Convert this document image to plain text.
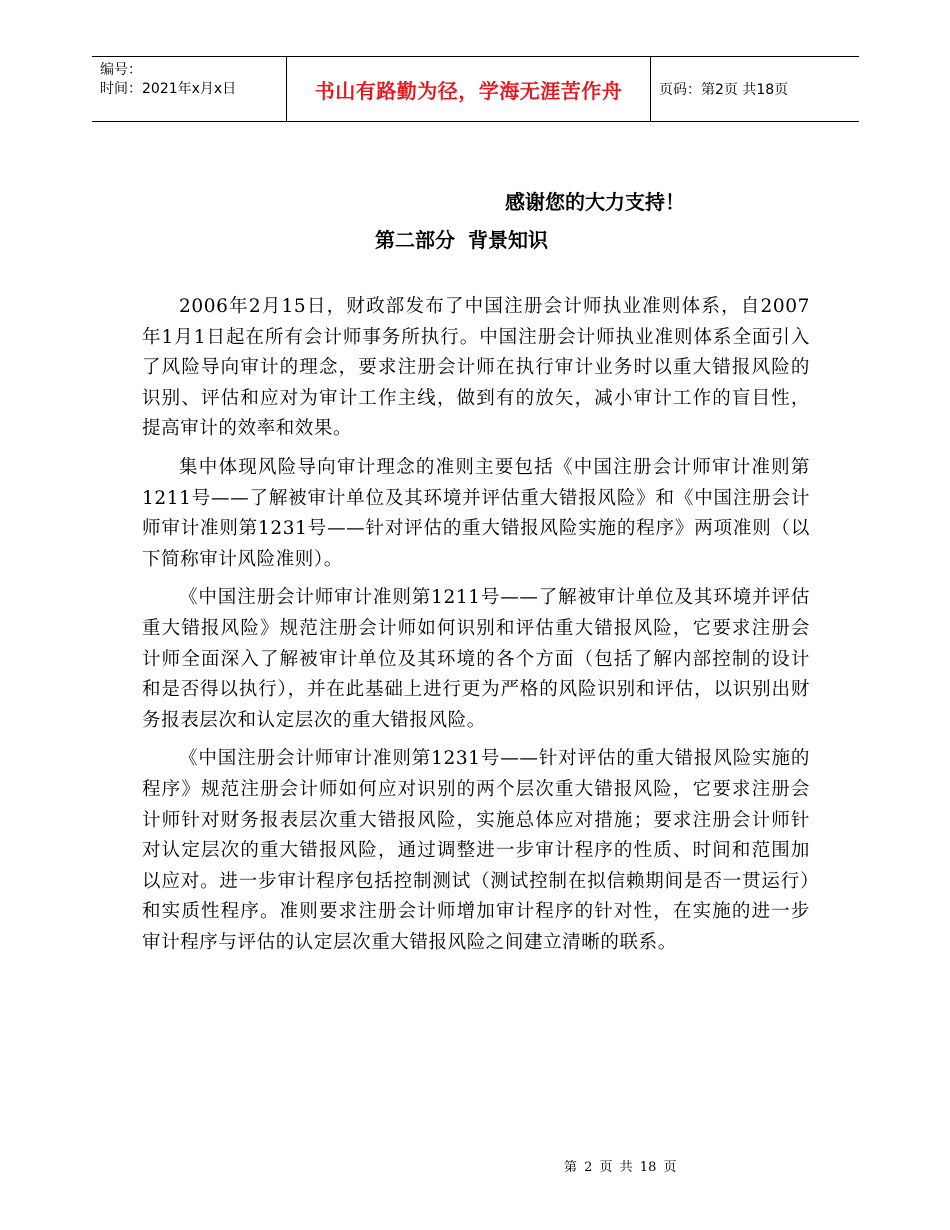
编号：
时间：2021年x月x日	书山有路勤为径，学海无涯苦作舟	页码：第2页 共18页
感谢您的大力支持！
第二部分 背景知识

2006年2月15日，财政部发布了中国注册会计师执业准则体系，自2007年1月1日起在所有会计师事务所执行。中国注册会计师执业准则体系全面引入了风险导向审计的理念，要求注册会计师在执行审计业务时以重大错报风险的识别、评估和应对为审计工作主线，做到有的放矢，减小审计工作的盲目性，提高审计的效率和效果。

集中体现风险导向审计理念的准则主要包括《中国注册会计师审计准则第1211号——了解被审计单位及其环境并评估重大错报风险》和《中国注册会计师审计准则第1231号——针对评估的重大错报风险实施的程序》两项准则（以下简称审计风险准则）。

《中国注册会计师审计准则第1211号——了解被审计单位及其环境并评估重大错报风险》规范注册会计师如何识别和评估重大错报风险，它要求注册会计师全面深入了解被审计单位及其环境的各个方面（包括了解内部控制的设计和是否得以执行），并在此基础上进行更为严格的风险识别和评估，以识别出财务报表层次和认定层次的重大错报风险。

《中国注册会计师审计准则第1231号——针对评估的重大错报风险实施的程序》规范注册会计师如何应对识别的两个层次重大错报风险，它要求注册会计师针对财务报表层次重大错报风险，实施总体应对措施；要求注册会计师针对认定层次的重大错报风险，通过调整进一步审计程序的性质、时间和范围加以应对。进一步审计程序包括控制测试（测试控制在拟信赖期间是否一贯运行）和实质性程序。准则要求注册会计师增加审计程序的针对性，在实施的进一步审计程序与评估的认定层次重大错报风险之间建立清晰的联系。

第 2 页 共 18 页
